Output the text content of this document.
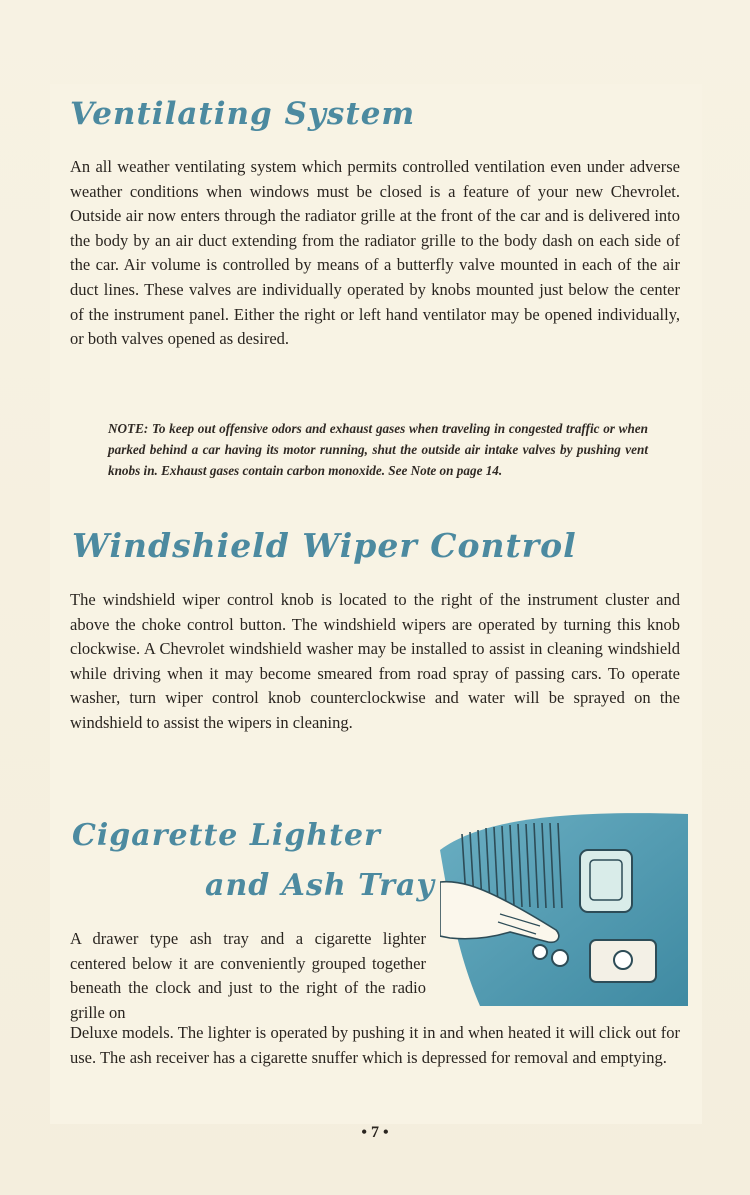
Ventilating System

An all weather ventilating system which permits controlled ventilation even under adverse weather conditions when windows must be closed is a feature of your new Chevrolet. Outside air now enters through the radiator grille at the front of the car and is delivered into the body by an air duct extending from the radiator grille to the body dash on each side of the car. Air volume is controlled by means of a butterfly valve mounted in each of the air duct lines. These valves are individually operated by knobs mounted just below the center of the instrument panel. Either the right or left hand ventilator may be opened individually, or both valves opened as desired.

NOTE: To keep out offensive odors and exhaust gases when traveling in congested traffic or when parked behind a car having its motor running, shut the outside air intake valves by pushing vent knobs in. Exhaust gases contain carbon monoxide. See Note on page 14.

Windshield Wiper Control

The windshield wiper control knob is located to the right of the instrument cluster and above the choke control button. The windshield wipers are operated by turning this knob clockwise. A Chevrolet windshield washer may be installed to assist in cleaning windshield while driving when it may become smeared from road spray of passing cars. To operate washer, turn wiper control knob counterclockwise and water will be sprayed on the windshield to assist the wipers in cleaning.

Cigarette Lighter
and Ash Tray

A drawer type ash tray and a cigarette lighter centered below it are conveniently grouped together beneath the clock and just to the right of the radio grille on

Deluxe models. The lighter is operated by pushing it in and when heated it will click out for use. The ash receiver has a cigarette snuffer which is depressed for removal and emptying.

• 7 •
